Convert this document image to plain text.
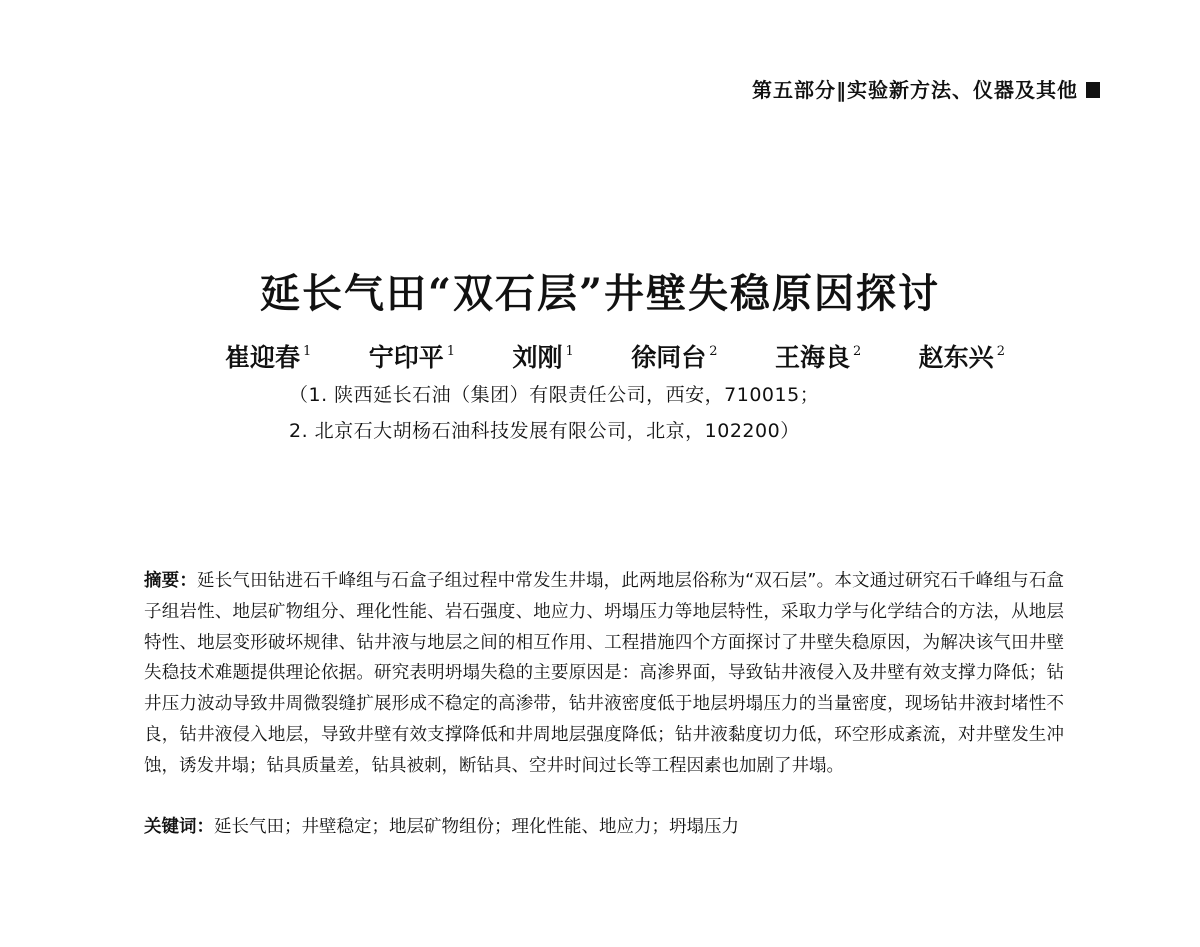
第五部分‖实验新方法、仪器及其他
延长气田“双石层”井壁失稳原因探讨
崔迎春 $^1$ 宁印平 $^1$ 刘刚 $^1$ 徐同台 $^2$ 王海良 $^2$ 赵东兴 $^2$
（1. 陕西延长石油（集团）有限责任公司，西安，710015；
2. 北京石大胡杨石油科技发展有限公司，北京，102200）
摘要：延长气田钻进石千峰组与石盒子组过程中常发生井塌，此两地层俗称为“双石层”。本文通过研究石千峰组与石盒子组岩性、地层矿物组分、理化性能、岩石强度、地应力、坍塌压力等地层特性，采取力学与化学结合的方法，从地层特性、地层变形破坏规律、钻井液与地层之间的相互作用、工程措施四个方面探讨了井壁失稳原因，为解决该气田井壁失稳技术难题提供理论依据。研究表明坍塌失稳的主要原因是：高渗界面，导致钻井液侵入及井壁有效支撑力降低；钻井压力波动导致井周微裂缝扩展形成不稳定的高渗带，钻井液密度低于地层坍塌压力的当量密度，现场钻井液封堵性不良，钻井液侵入地层，导致井壁有效支撑降低和井周地层强度降低；钻井液黏度切力低，环空形成紊流，对井壁发生冲蚀，诱发井塌；钻具质量差，钻具被刺，断钻具、空井时间过长等工程因素也加剧了井塌。
关键词：延长气田；井壁稳定；地层矿物组份；理化性能、地应力；坍塌压力
